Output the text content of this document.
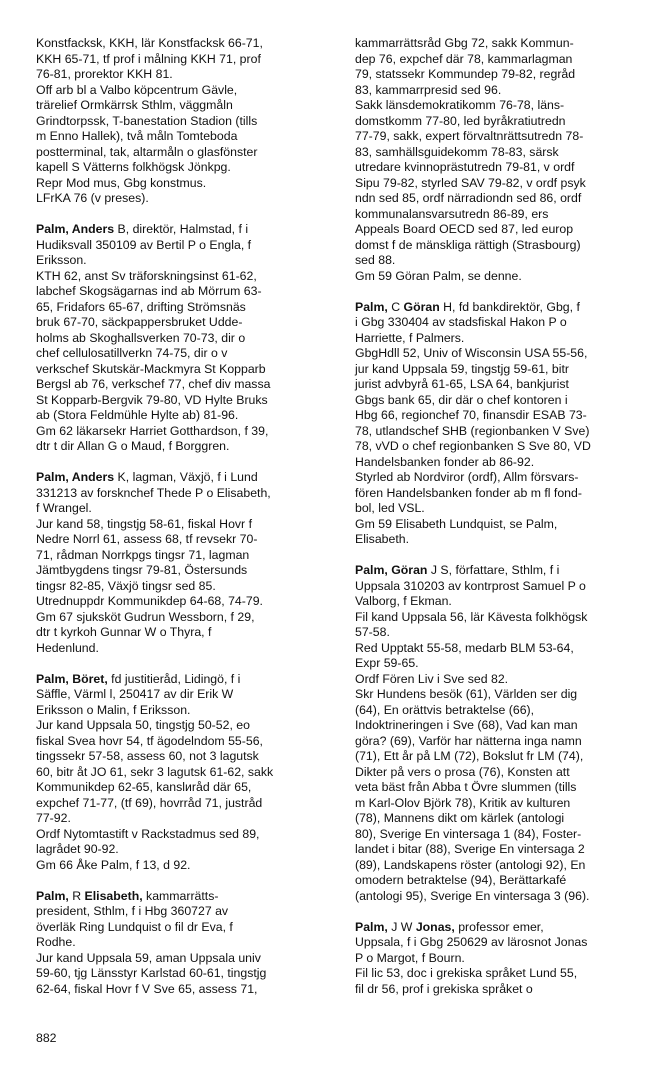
Konstfacksk, KKH, lär Konstfacksk 66-71,
KKH 65-71, tf prof i målning KKH 71, prof
76-81, prorektor KKH 81.
Off arb bl a Valbo köpcentrum Gävle,
trärelief Ormkärrsk Sthlm, väggmåln
Grindtorpssk, T-banestation Stadion (tills
m Enno Hallek), två måln Tomteboda
postterminal, tak, altarmåln o glasfönster
kapell S Vätterns folkhögsk Jönkpg.
Repr Mod mus, Gbg konstmus.
LFrKA 76 (v preses).
Palm, Anders B, direktör, Halmstad, f i
Hudiksvall 350109 av Bertil P o Engla, f
Eriksson.
KTH 62, anst Sv träforskningsinst 61-62,
labchef Skogsägarnas ind ab Mörrum 63-
65, Fridafors 65-67, drifting Strömsnäs
bruk 67-70, säckpappersbruket Udde-
holms ab Skoghallsverken 70-73, dir o
chef cellulosatillverkn 74-75, dir o v
verkschef Skutskär-Mackmyra St Kopparb
Bergsl ab 76, verkschef 77, chef div massa
St Kopparb-Bergvik 79-80, VD Hylte Bruks
ab (Stora Feldmühle Hylte ab) 81-96.
Gm 62 läkarsekr Harriet Gotthardson, f 39,
dtr t dir Allan G o Maud, f Borggren.
Palm, Anders K, lagman, Växjö, f i Lund
331213 av forsknchef Thede P o Elisabeth,
f Wrangel.
Jur kand 58, tingstjg 58-61, fiskal Hovr f
Nedre Norrl 61, assess 68, tf revsekr 70-
71, rådman Norrkpgs tingsr 71, lagman
Jämtbygdens tingsr 79-81, Östersunds
tingsr 82-85, Växjö tingsr sed 85.
Utrednuppdr Kommunikdep 64-68, 74-79.
Gm 67 sjuksköt Gudrun Wessborn, f 29,
dtr t kyrkoh Gunnar W o Thyra, f
Hedenlund.
Palm, Böret, fd justitieråd, Lidingö, f i
Säffle, Värml l, 250417 av dir Erik W
Eriksson o Malin, f Eriksson.
Jur kand Uppsala 50, tingstjg 50-52, eo
fiskal Svea hovr 54, tf ägodelndom 55-56,
tingssekr 57-58, assess 60, not 3 lagutsk
60, bitr åt JO 61, sekr 3 lagutsk 61-62, sakk
Kommunikdep 62-65, kanslиråd där 65,
expchef 71-77, (tf 69), hovrråd 71, justråd
77-92.
Ordf Nytomtastift v Rackstadmus sed 89,
lagrådet 90-92.
Gm 66 Åke Palm, f 13, d 92.
Palm, R Elisabeth, kammarrätts-
president, Sthlm, f i Hbg 360727 av
överläk Ring Lundquist o fil dr Eva, f
Rodhe.
Jur kand Uppsala 59, aman Uppsala univ
59-60, tjg Länsstyr Karlstad 60-61, tingstjg
62-64, fiskal Hovr f V Sve 65, assess 71,
kammarrättsråd Gbg 72, sakk Kommun-
dep 76, expchef där 78, kammarlagman
79, statssekr Kommundep 79-82, regråd
83, kammarrpresid sed 96.
Sakk länsdemokratikomm 76-78, läns-
domstkomm 77-80, led byråkratiutredn
77-79, sakk, expert förvaltnrättsutredn 78-
83, samhällsguidekomm 78-83, särsk
utredare kvinnoprästutredn 79-81, v ordf
Sipu 79-82, styrled SAV 79-82, v ordf psyk
ndn sed 85, ordf närradiondn sed 86, ordf
kommunalansvarsutredn 86-89, ers
Appeals Board OECD sed 87, led europ
domst f de mänskliga rättigh (Strasbourg)
sed 88.
Gm 59 Göran Palm, se denne.
Palm, C Göran H, fd bankdirektör, Gbg, f
i Gbg 330404 av stadsfiskal Hakon P o
Harriette, f Palmers.
GbgHdll 52, Univ of Wisconsin USA 55-56,
jur kand Uppsala 59, tingstjg 59-61, bitr
jurist advbyrå 61-65, LSA 64, bankjurist
Gbgs bank 65, dir där o chef kontoren i
Hbg 66, regionchef 70, finansdir ESAB 73-
78, utlandschef SHB (regionbanken V Sve)
78, vVD o chef regionbanken S Sve 80, VD
Handelsbanken fonder ab 86-92.
Styrled ab Nordviror (ordf), Allm försvars-
fören Handelsbanken fonder ab m fl fond-
bol, led VSL.
Gm 59 Elisabeth Lundquist, se Palm,
Elisabeth.
Palm, Göran J S, författare, Sthlm, f i
Uppsala 310203 av kontrprost Samuel P o
Valborg, f Ekman.
Fil kand Uppsala 56, lär Kävesta folkhögsk
57-58.
Red Upptakt 55-58, medarb BLM 53-64,
Expr 59-65.
Ordf Fören Liv i Sve sed 82.
Skr Hundens besök (61), Världen ser dig
(64), En orättvis betraktelse (66),
Indoktrineringen i Sve (68), Vad kan man
göra? (69), Varför har nätterna inga namn
(71), Ett år på LM (72), Bokslut fr LM (74),
Dikter på vers o prosa (76), Konsten att
veta bäst från Abba t Övre slummen (tills
m Karl-Olov Björk 78), Kritik av kulturen
(78), Mannens dikt om kärlek (antologi
80), Sverige En vintersaga 1 (84), Foster-
landet i bitar (88), Sverige En vintersaga 2
(89), Landskapens röster (antologi 92), En
omodern betraktelse (94), Berättarkafé
(antologi 95), Sverige En vintersaga 3 (96).
Palm, J W Jonas, professor emer,
Uppsala, f i Gbg 250629 av lärosnot Jonas
P o Margot, f Bourn.
Fil lic 53, doc i grekiska språket Lund 55,
fil dr 56, prof i grekiska språket o
882
